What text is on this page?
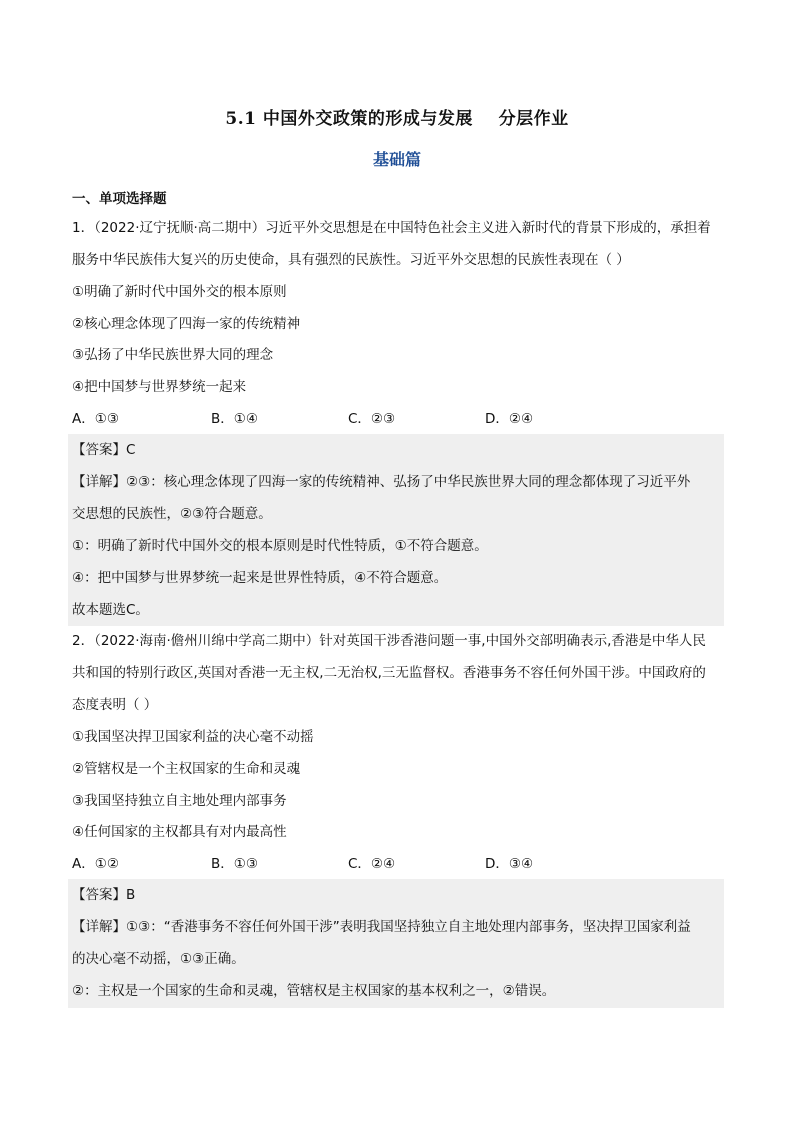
5.1 中国外交政策的形成与发展    分层作业
基础篇
一、单项选择题
1．（2022·辽宁抚顺·高二期中）习近平外交思想是在中国特色社会主义进入新时代的背景下形成的，承担着
服务中华民族伟大复兴的历史使命，具有强烈的民族性。习近平外交思想的民族性表现在（ ）
①明确了新时代中国外交的根本原则
②核心理念体现了四海一家的传统精神
③弘扬了中华民族世界大同的理念
④把中国梦与世界梦统一起来
A．①③	B．①④	C．②③	D．②④
【答案】C
【详解】②③：核心理念体现了四海一家的传统精神、弘扬了中华民族世界大同的理念都体现了习近平外
交思想的民族性，②③符合题意。
①：明确了新时代中国外交的根本原则是时代性特质，①不符合题意。
④：把中国梦与世界梦统一起来是世界性特质，④不符合题意。
故本题选C。
2．（2022·海南·儋州川绵中学高二期中）针对英国干涉香港问题一事,中国外交部明确表示,香港是中华人民
共和国的特别行政区,英国对香港一无主权,二无治权,三无监督权。香港事务不容任何外国干涉。中国政府的
态度表明（ ）
①我国坚决捍卫国家利益的决心毫不动摇
②管辖权是一个主权国家的生命和灵魂
③我国坚持独立自主地处理内部事务
④任何国家的主权都具有对内最高性
A．①②	B．①③	C．②④	D．③④
【答案】B
【详解】①③：“香港事务不容任何外国干涉”表明我国坚持独立自主地处理内部事务，坚决捍卫国家利益
的决心毫不动摇，①③正确。
②：主权是一个国家的生命和灵魂，管辖权是主权国家的基本权利之一，②错误。
